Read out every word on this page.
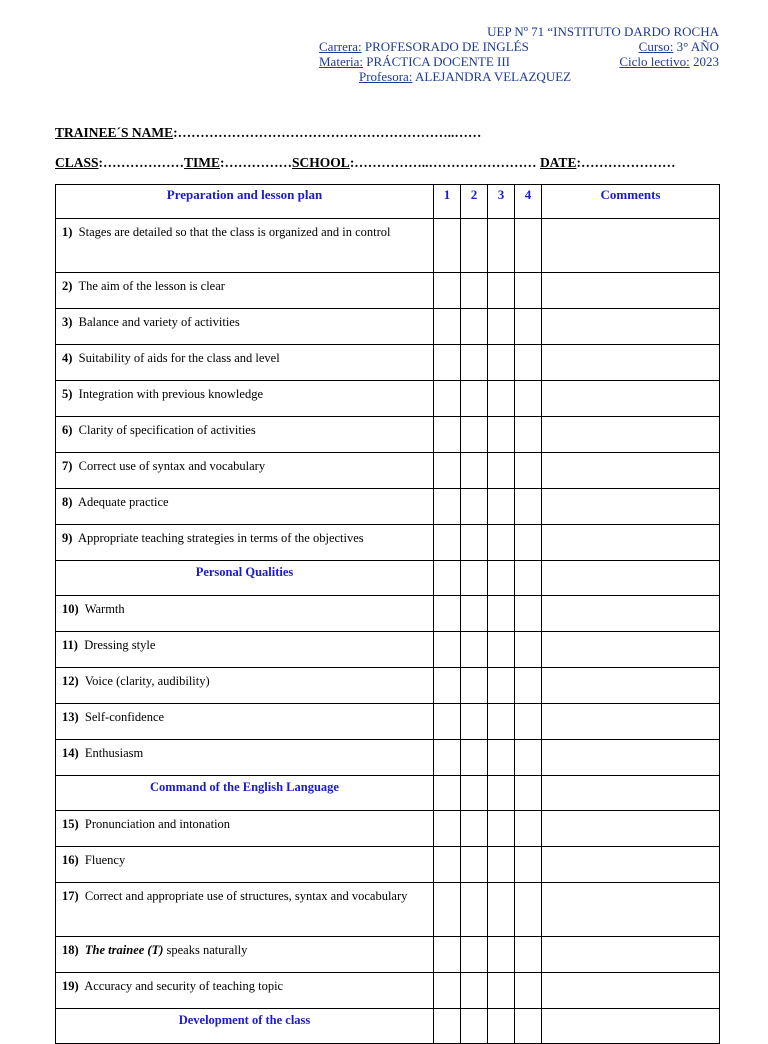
UEP Nº 71 “INSTITUTO DARDO ROCHA
Carrera: PROFESORADO DE INGLÉS	Curso: 3° AÑO
Materia: PRÁCTICA DOCENTE III	Ciclo lectivo: 2023
Profesora: ALEJANDRA VELAZQUEZ
TRAINEE´S NAME:……………………………………………………..……
CLASS:………………TIME:……………SCHOOL:……………..…………………… DATE:…………………
Preparation and lesson plan	1	2	3	4	Comments
1) Stages are detailed so that the class is organized and in control					
2) The aim of the lesson is clear					
3) Balance and variety of activities					
4) Suitability of aids for the class and level					
5) Integration with previous knowledge					
6) Clarity of specification of activities					
7) Correct use of syntax and vocabulary					
8) Adequate practice					
9) Appropriate teaching strategies in terms of the objectives					
Personal Qualities					
10) Warmth					
11) Dressing style					
12) Voice (clarity, audibility)					
13) Self-confidence					
14) Enthusiasm					
Command of the English Language					
15) Pronunciation and intonation					
16) Fluency					
17) Correct and appropriate use of structures, syntax and vocabulary					
18) The trainee (T) speaks naturally					
19) Accuracy and security of teaching topic					
Development of the class					
